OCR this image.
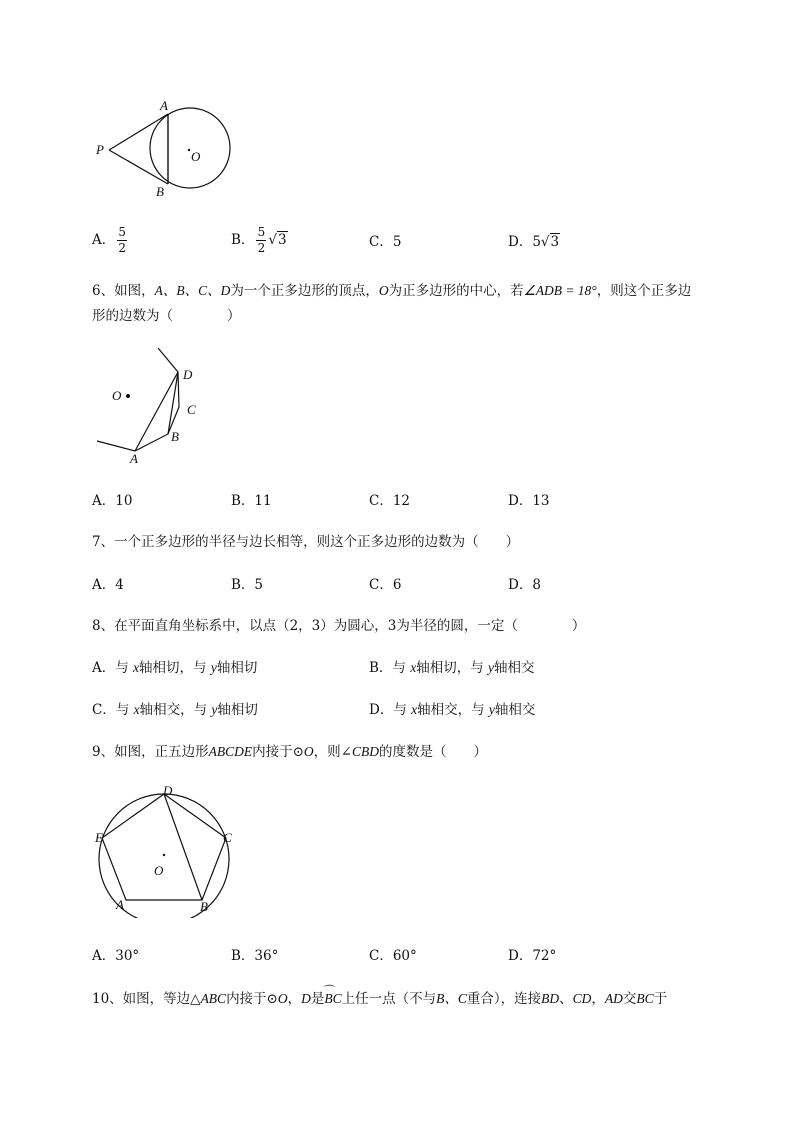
A
P	O
B
A． $\frac{5}{2}$	B． $\frac{5}{2} √3$	C．5	D．5√3
6、如图，A、B、C、D为一个正多边形的顶点，O为正多边形的中心，若∠ADB = 18°，则这个正多边
形的边数为（　　　　）
O
D
C
B
A
A．10	B．11	C．12	D．13
7、一个正多边形的半径与边长相等，则这个正多边形的边数为（　　）
A．4	B．5	C．6	D．8
8、在平面直角坐标系中，以点（2，3）为圆心，3为半径的圆，一定（　　　　）
A．与 x轴相切，与 y轴相切	B．与 x轴相切，与 y轴相交
C．与 x轴相交，与 y轴相切	D．与 x轴相交，与 y轴相交
9、如图，正五边形ABCDE内接于⊙O，则∠CBD的度数是（　　）
D
E	C
O
A	B
A．30°	B．36°	C．60°	D．72°
10、如图，等边△ABC内接于⊙O，D是⌒ BC上任一点（不与B、C重合），连接BD、CD，AD交BC于
